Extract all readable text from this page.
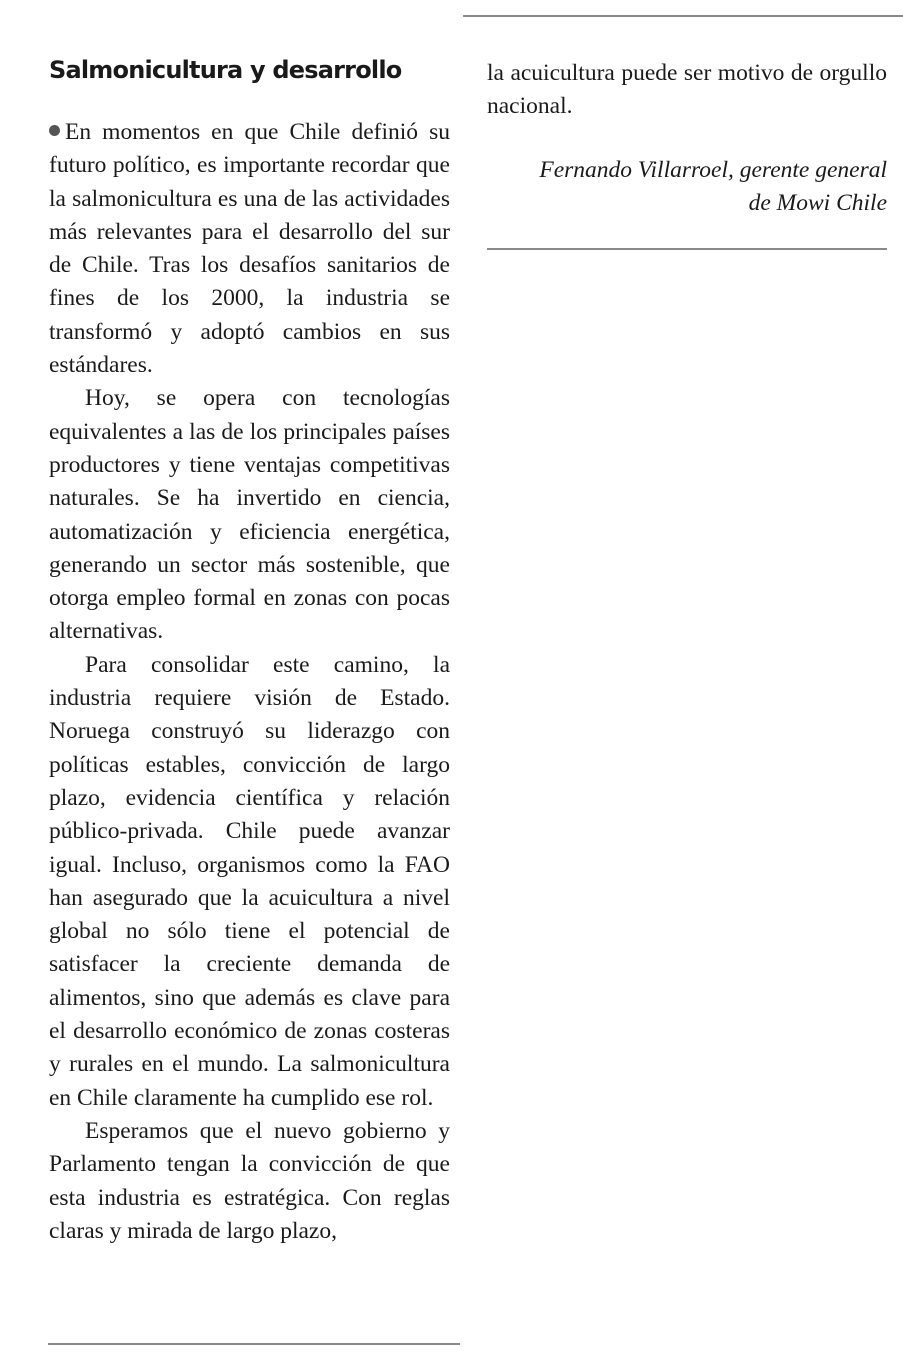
Salmonicultura y desarrollo

En momentos en que Chile definió su futuro político, es importante recordar que la salmonicultura es una de las actividades más relevantes para el desarrollo del sur de Chile. Tras los desafíos sanitarios de fines de los 2000, la industria se transformó y adoptó cambios en sus estándares.

Hoy, se opera con tecnologías equivalentes a las de los principales países productores y tiene ventajas competitivas naturales. Se ha invertido en ciencia, automatización y eficiencia energética, generando un sector más sostenible, que otorga empleo formal en zonas con pocas alternativas.

Para consolidar este camino, la industria requiere visión de Estado. Noruega construyó su liderazgo con políticas estables, convicción de largo plazo, evidencia científica y relación público-privada. Chile puede avanzar igual. Incluso, organismos como la FAO han asegurado que la acuicultura a nivel global no sólo tiene el potencial de satisfacer la creciente demanda de alimentos, sino que además es clave para el desarrollo económico de zonas costeras y rurales en el mundo. La salmonicultura en Chile claramente ha cumplido ese rol.

Esperamos que el nuevo gobierno y Parlamento tengan la convicción de que esta industria es estratégica. Con reglas claras y mirada de largo plazo,

la acuicultura puede ser motivo de orgullo nacional.

Fernando Villarroel, gerente general
de Mowi Chile
